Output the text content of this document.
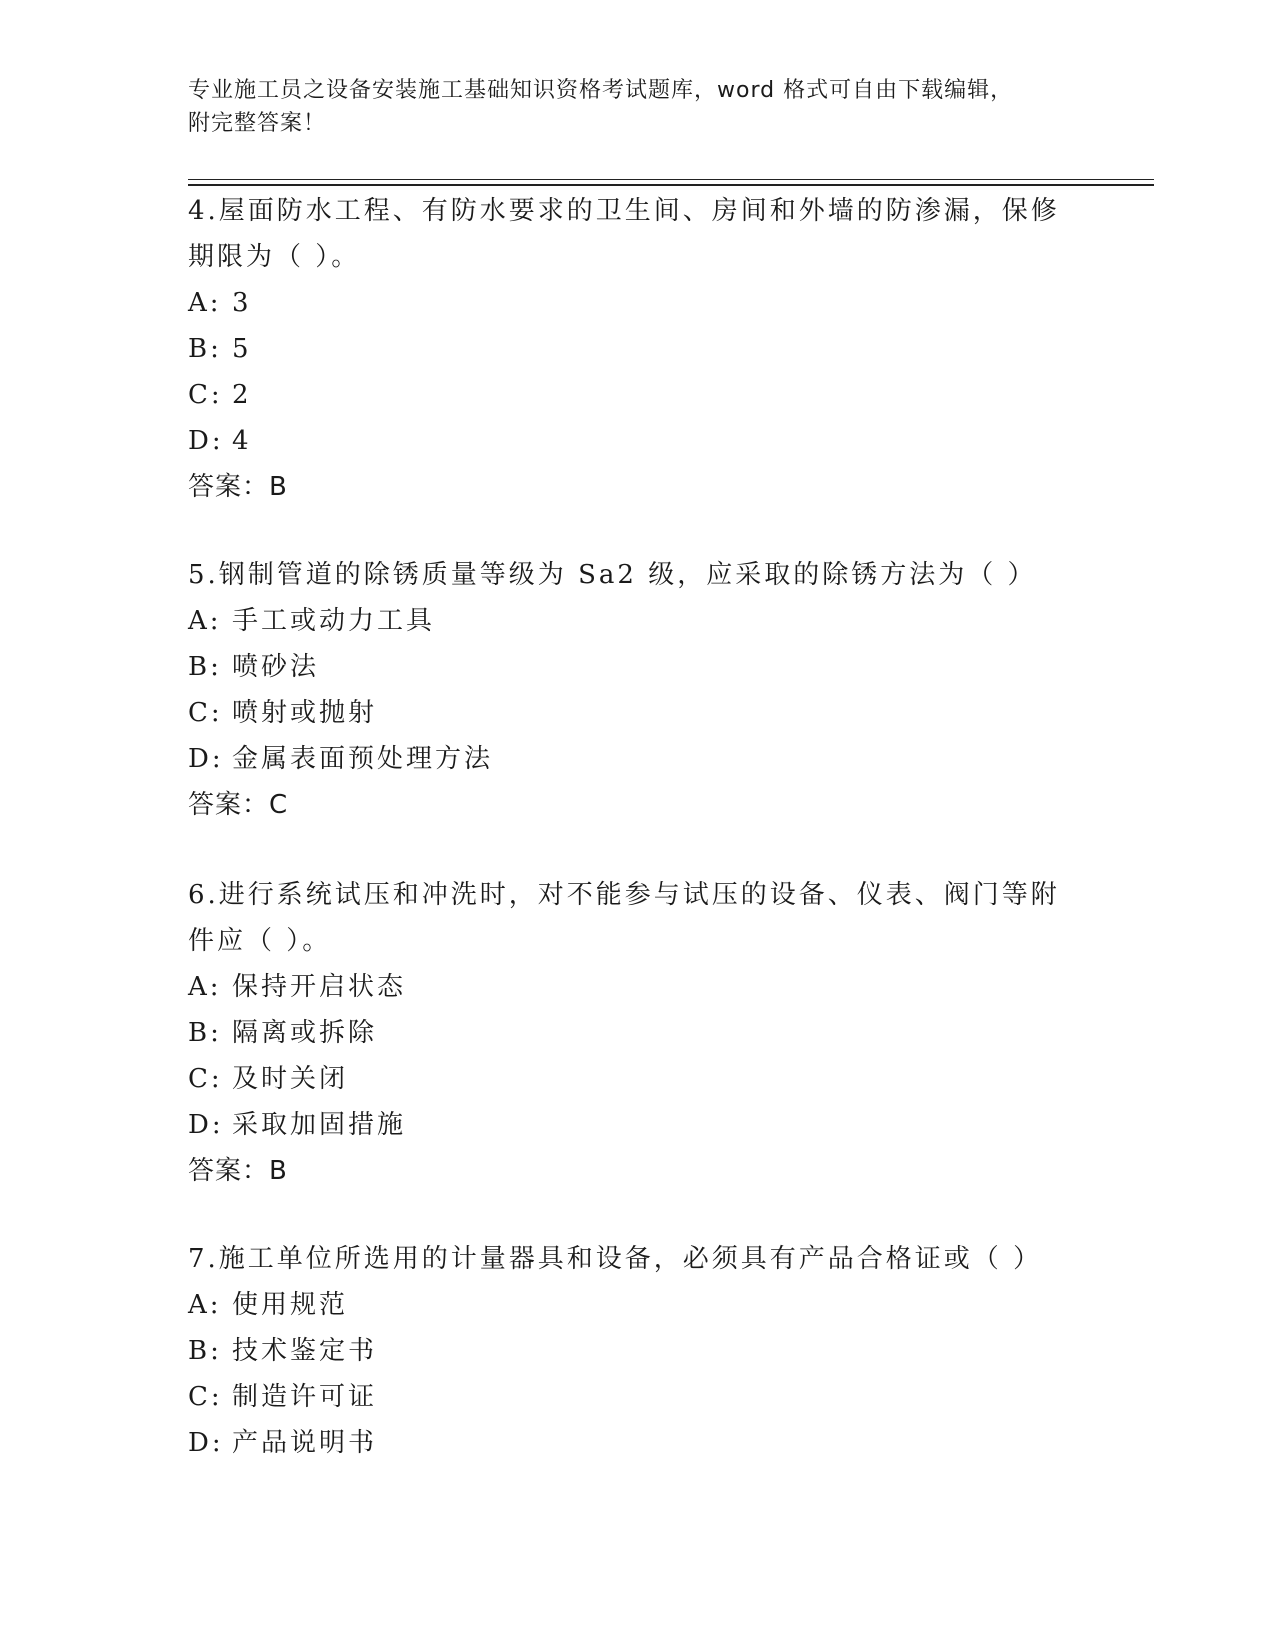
专业施工员之设备安装施工基础知识资格考试题库，word 格式可自由下载编辑，
附完整答案！
4.屋面防水工程、有防水要求的卫生间、房间和外墙的防渗漏，保修
期限为（ ）。
A: 3
B: 5
C: 2
D: 4
答案：B
5.钢制管道的除锈质量等级为 Sa2 级，应采取的除锈方法为（ ）
A: 手工或动力工具
B: 喷砂法
C: 喷射或抛射
D: 金属表面预处理方法
答案：C
6.进行系统试压和冲洗时，对不能参与试压的设备、仪表、阀门等附
件应（ ）。
A: 保持开启状态
B: 隔离或拆除
C: 及时关闭
D: 采取加固措施
答案：B
7.施工单位所选用的计量器具和设备，必须具有产品合格证或（ ）
A: 使用规范
B: 技术鉴定书
C: 制造许可证
D: 产品说明书
